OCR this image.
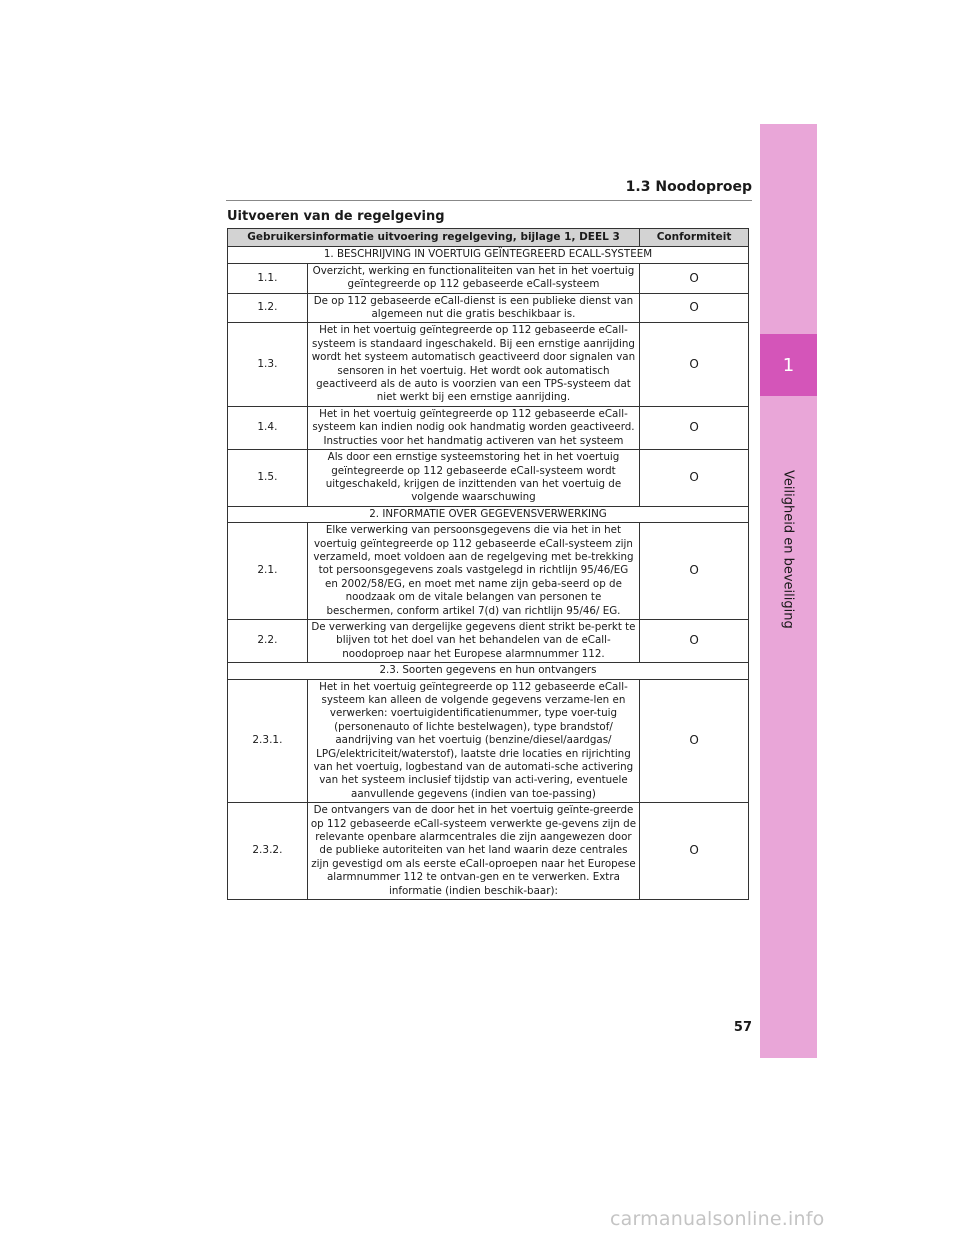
1
Veiligheid en beveiliging
1.3 Noodoproep
Uitvoeren van de regelgeving
Gebruikersinformatie uitvoering regelgeving, bijlage 1, DEEL 3		Conformiteit
1. BESCHRIJVING IN VOERTUIG GEÏNTEGREERD ECALL-SYSTEEM		
1.1.	Overzicht, werking en functionaliteiten van het in het voertuig geïntegreerde op 112 gebaseerde eCall-systeem	O
1.2.	De op 112 gebaseerde eCall-dienst is een publieke dienst van algemeen nut die gratis beschikbaar is.	O
1.3.	Het in het voertuig geïntegreerde op 112 gebaseerde eCall-systeem is standaard ingeschakeld. Bij een ernstige aanrijding wordt het systeem automatisch geactiveerd door signalen van sensoren in het voertuig. Het wordt ook automatisch geactiveerd als de auto is voorzien van een TPS-systeem dat niet werkt bij een ernstige aanrijding.	O
1.4.	Het in het voertuig geïntegreerde op 112 gebaseerde eCall-systeem kan indien nodig ook handmatig worden geactiveerd. Instructies voor het handmatig activeren van het systeem	O
1.5.	Als door een ernstige systeemstoring het in het voertuig geïntegreerde op 112 gebaseerde eCall-systeem wordt uitgeschakeld, krijgen de inzittenden van het voertuig de volgende waarschuwing	O
2. INFORMATIE OVER GEGEVENSVERWERKING		
2.1.	Elke verwerking van persoonsgegevens die via het in het voertuig geïntegreerde op 112 gebaseerde eCall-systeem zijn verzameld, moet voldoen aan de regelgeving met be-trekking tot persoonsgegevens zoals vastgelegd in richtlijn 95/46/EG en 2002/58/EG, en moet met name zijn geba-seerd op de noodzaak om de vitale belangen van personen te beschermen, conform artikel 7(d) van richtlijn 95/46/ EG.	O
2.2.	De verwerking van dergelijke gegevens dient strikt be-perkt te blijven tot het doel van het behandelen van de eCall-noodoproep naar het Europese alarmnummer 112.	O
2.3. Soorten gegevens en hun ontvangers		
2.3.1.	Het in het voertuig geïntegreerde op 112 gebaseerde eCall-systeem kan alleen de volgende gegevens verzame-len en verwerken: voertuigidentificatienummer, type voer-tuig (personenauto of lichte bestelwagen), type brandstof/ aandrijving van het voertuig (benzine/diesel/aardgas/ LPG/elektriciteit/waterstof), laatste drie locaties en rijrichting van het voertuig, logbestand van de automati-sche activering van het systeem inclusief tijdstip van acti-vering, eventuele aanvullende gegevens (indien van toe-passing)	O
2.3.2.	De ontvangers van de door het in het voertuig geïnte-greerde op 112 gebaseerde eCall-systeem verwerkte ge-gevens zijn de relevante openbare alarmcentrales die zijn aangewezen door de publieke autoriteiten van het land waarin deze centrales zijn gevestigd om als eerste eCall-oproepen naar het Europese alarmnummer 112 te ontvan-gen en te verwerken. Extra informatie (indien beschik-baar):	O
57
carmanualsonline.info
